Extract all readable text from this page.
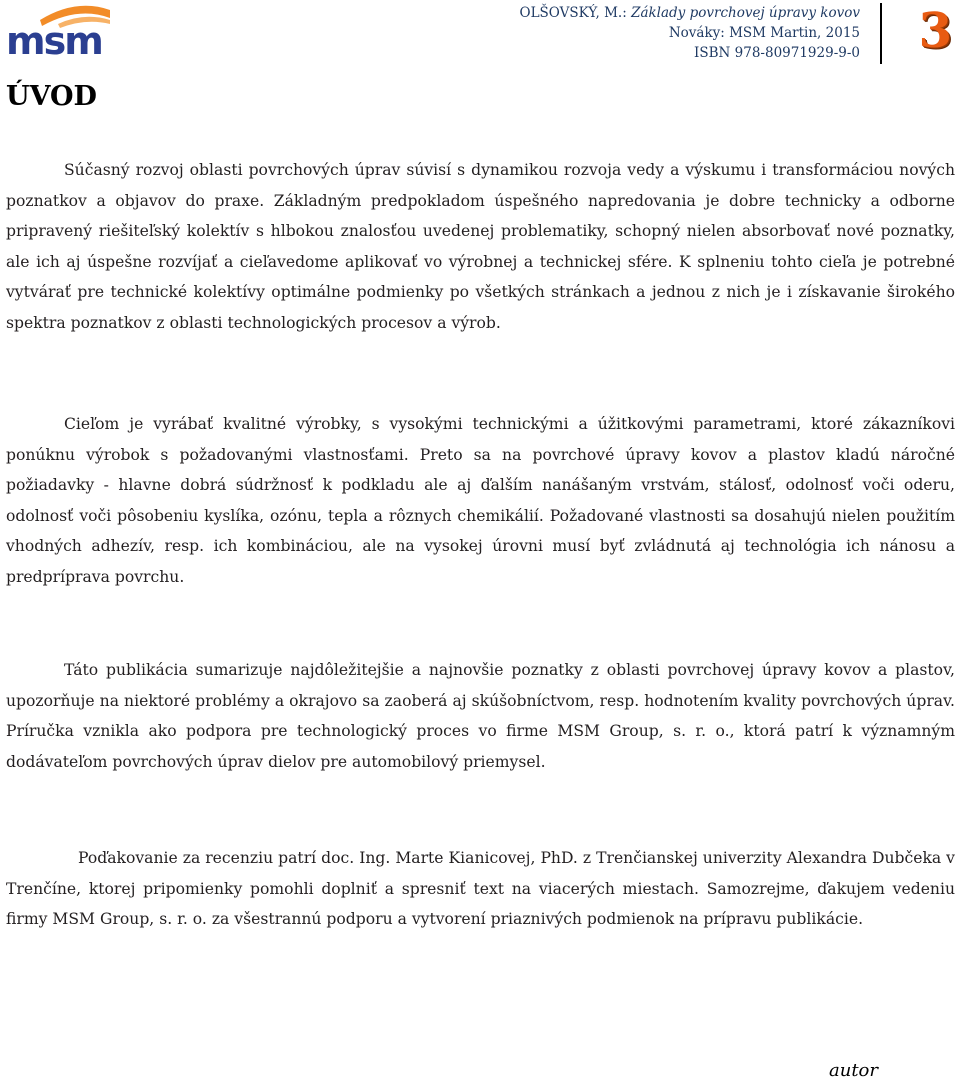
msm
OLŠOVSKÝ, M.: Základy povrchovej úpravy kovov
Nováky: MSM Martin, 2015
ISBN 978-80971929-9-0 3
ÚVOD

Súčasný rozvoj oblasti povrchových úprav súvisí s dynamikou rozvoja vedy a výskumu i transformáciou nových poznatkov a objavov do praxe. Základným predpokladom úspešného napredovania je dobre technicky a odborne pripravený riešiteľský kolektív s hlbokou znalosťou uvedenej problematiky, schopný nielen absorbovať nové poznatky, ale ich aj úspešne rozvíjať a cieľavedome aplikovať vo výrobnej a technickej sfére. K splneniu tohto cieľa je potrebné vytvárať pre technické kolektívy optimálne podmienky po všetkých stránkach a jednou z nich je i získavanie širokého spektra poznatkov z oblasti technologických procesov a výrob.

Cieľom je vyrábať kvalitné výrobky, s vysokými technickými a úžitkovými parametrami, ktoré zákazníkovi ponúknu výrobok s požadovanými vlastnosťami. Preto sa na povrchové úpravy kovov a plastov kladú náročné požiadavky - hlavne dobrá súdržnosť k podkladu ale aj ďalším nanášaným vrstvám, stálosť, odolnosť voči oderu, odolnosť voči pôsobeniu kyslíka, ozónu, tepla a rôznych chemikálií. Požadované vlastnosti sa dosahujú nielen použitím vhodných adhezív, resp. ich kombináciou, ale na vysokej úrovni musí byť zvládnutá aj technológia ich nánosu a predpríprava povrchu.

Táto publikácia sumarizuje najdôležitejšie a najnovšie poznatky z oblasti povrchovej úpravy kovov a plastov, upozorňuje na niektoré problémy a okrajovo sa zaoberá aj skúšobníctvom, resp. hodnotením kvality povrchových úprav. Príručka vznikla ako podpora pre technologický proces vo firme MSM Group, s. r. o., ktorá patrí k významným dodávateľom povrchových úprav dielov pre automobilový priemysel.

Poďakovanie za recenziu patrí doc. Ing. Marte Kianicovej, PhD. z Trenčianskej univerzity Alexandra Dubčeka v Trenčíne, ktorej pripomienky pomohli doplniť a spresniť text na viacerých miestach. Samozrejme, ďakujem vedeniu firmy MSM Group, s. r. o. za všestrannú podporu a vytvorení priaznivých podmienok na prípravu publikácie.

autor
